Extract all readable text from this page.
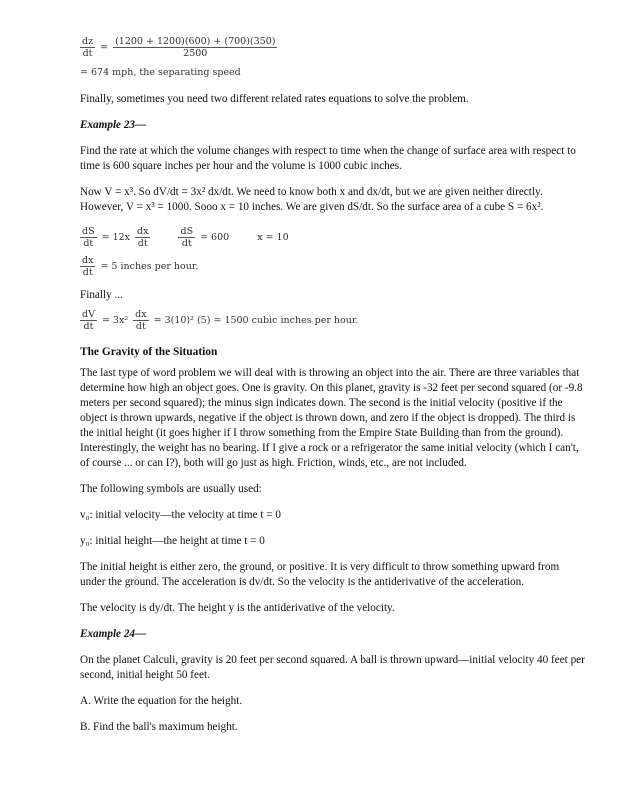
$\frac{dz}{dt} = \frac{(1200 + 1200)(600) + (700)(350)}{2500}$
= 674 mph, the separating speed

Finally, sometimes you need two different related rates equations to solve the problem.

Example 23—

Find the rate at which the volume changes with respect to time when the change of surface area with respect to time is 600 square inches per hour and the volume is 1000 cubic inches.

Now V = x³. So dV/dt = 3x² dx/dt. We need to know both x and dx/dt, but we are given neither directly. However, V = x³ = 1000. Sooo x = 10 inches. We are given dS/dt. So the surface area of a cube S = 6x².

$\frac{dS}{dt} = 12x \frac{dx}{dt}$	$\frac{dS}{dt} = 600$	x = 10
$\frac{dx}{dt} = 5$ inches per hour.

Finally ...

$\frac{dV}{dt} = 3x^2 \frac{dx}{dt} = 3(10)^2$ (5) = 1500 cubic inches per hour.
The Gravity of the Situation

The last type of word problem we will deal with is throwing an object into the air. There are three variables that determine how high an object goes. One is gravity. On this planet, gravity is -32 feet per second squared (or -9.8 meters per second squared); the minus sign indicates down. The second is the initial velocity (positive if the object is thrown upwards, negative if the object is thrown down, and zero if the object is dropped). The third is the initial height (it goes higher if I throw something from the Empire State Building than from the ground). Interestingly, the weight has no bearing. If I give a rock or a refrigerator the same initial velocity (which I can't, of course ... or can I?), both will go just as high. Friction, winds, etc., are not included.

The following symbols are usually used:

v₀: initial velocity—the velocity at time t = 0

y₀: initial height—the height at time t = 0

The initial height is either zero, the ground, or positive. It is very difficult to throw something upward from under the ground. The acceleration is dv/dt. So the velocity is the antiderivative of the acceleration.

The velocity is dy/dt. The height y is the antiderivative of the velocity.

Example 24—

On the planet Calculi, gravity is 20 feet per second squared. A ball is thrown upward—initial velocity 40 feet per second, initial height 50 feet.

A. Write the equation for the height.

B. Find the ball's maximum height.
